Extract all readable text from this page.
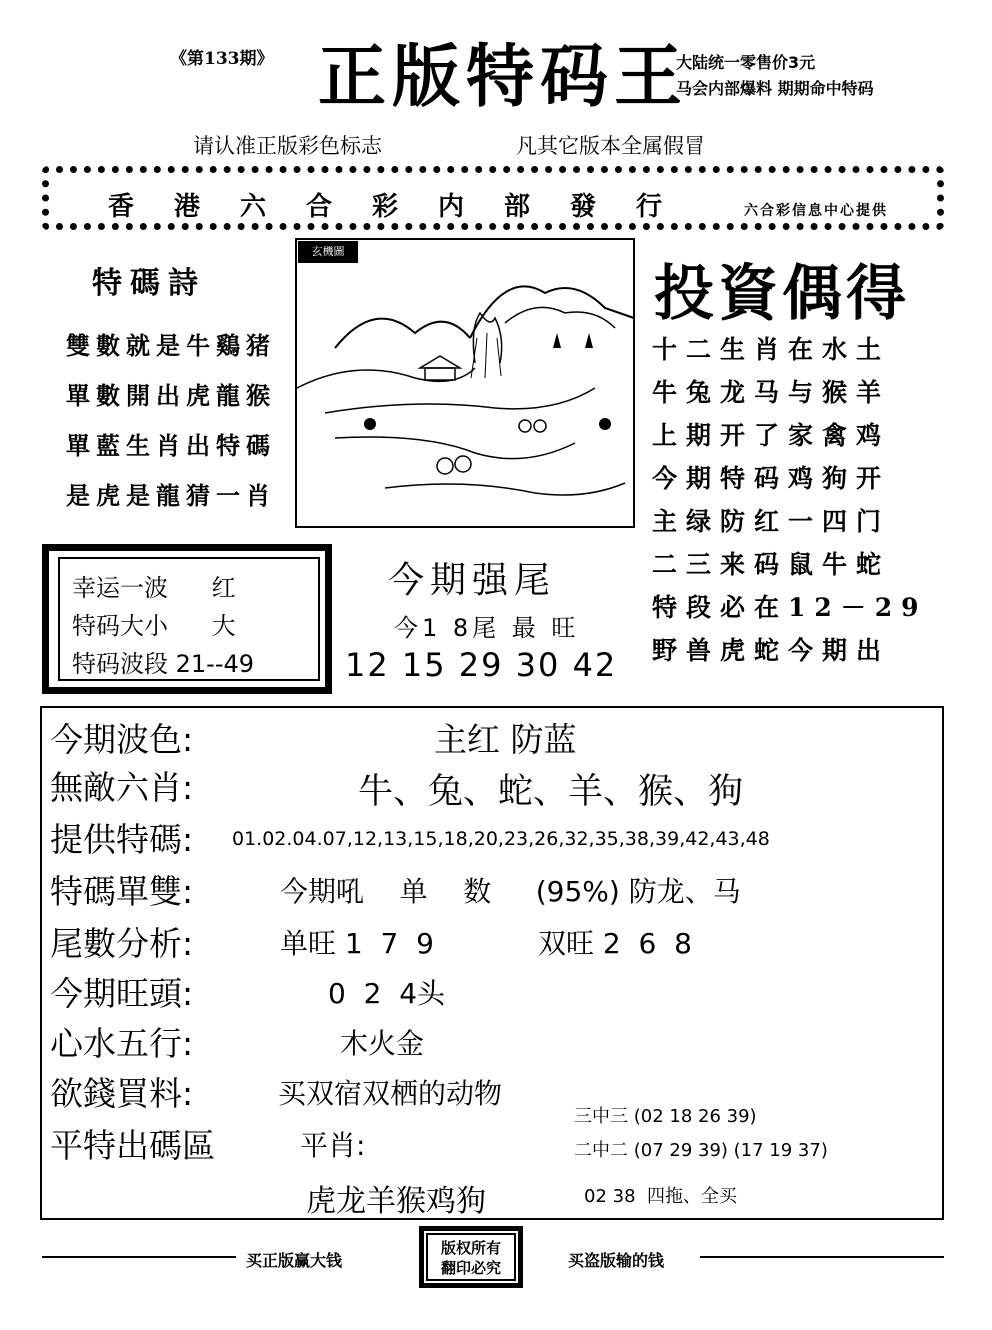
《第133期》 正版特码王
大陆统一零售价3元
马会内部爆料 期期命中特码
请认准正版彩色标志	凡其它版本全属假冒
香港六合彩内部發行	六合彩信息中心提供
特碼詩
雙數就是牛鷄猪
單數開出虎龍猴
單藍生肖出特碼
是虎是龍猜一肖
玄機圖
投資偶得
十二生肖在水土
牛兔龙马与猴羊
上期开了家禽鸡
今期特码鸡狗开
主绿防红一四门
二三来码鼠牛蛇
特段必在12－29
野兽虎蛇今期出
幸运一波 红
特码大小 大
特码波段 21--49
今期强尾
今1 8尾 最 旺
12 15 29 30 42
今期波色:	主红 防蓝
無敵六肖:	牛、兔、蛇、羊、猴、狗
提供特碼: 01.02.04.07,12,13,15,18,20,23,26,32,35,38,39,42,43,48
特碼單雙:	今期吼    单    数     (95%) 防龙、马
尾數分析:	单旺 1  7  9	双旺 2  6  8
今期旺頭:	0  2  4头
心水五行:	木火金
欲錢買料:	买双宿双栖的动物
平特出碼區	平肖:
虎龙羊猴鸡狗
三中三 (02 18 26 39)
二中二 (07 29 39) (17 19 37)
02 38  四拖、全买
买正版赢大钱
版权所有
翻印必究	买盗版输的钱
